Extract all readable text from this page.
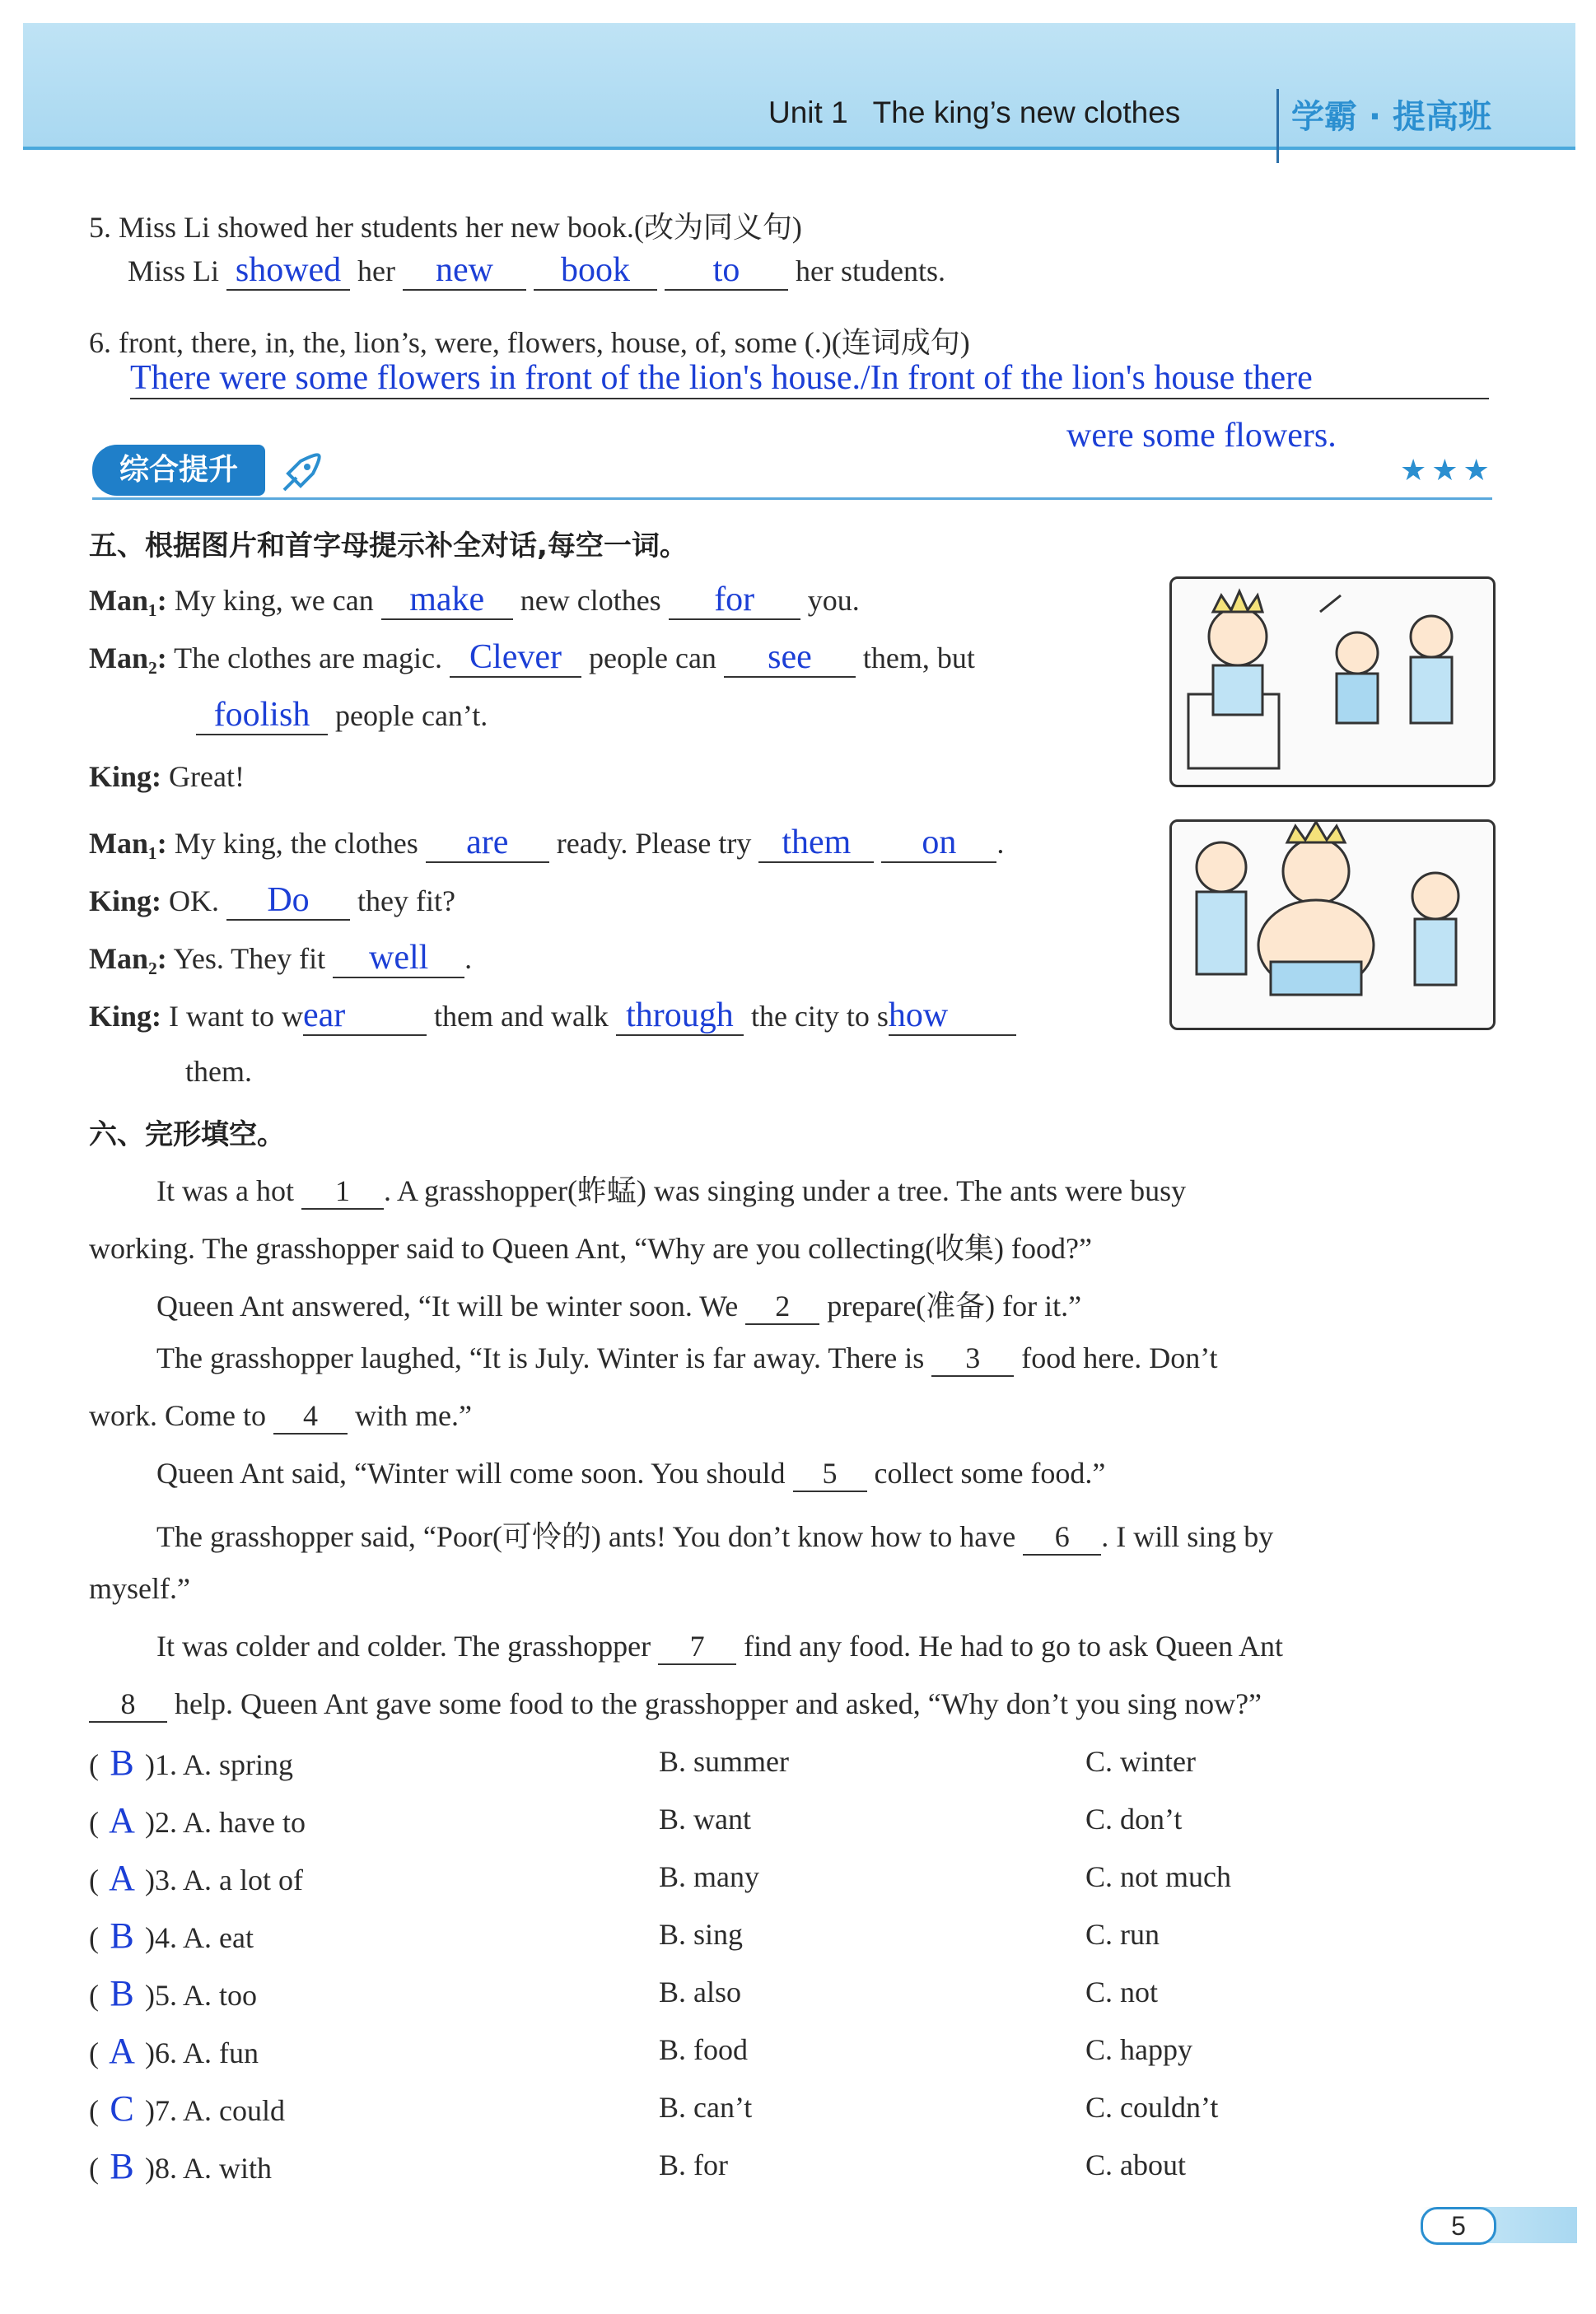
Unit 1 The king’s new clothes	学霸 · 提高班
5. Miss Li showed her students her new book.(改为同义句)
Miss Li showed her new book to her students.
6. front, there, in, the, lion’s, were, flowers, house, of, some (.)(连词成句)
There were some flowers in front of the lion's house./In front of the lion's house there
were some flowers.
综合提升	★★★
五、根据图片和首字母提示补全对话,每空一词。
Man₁: My king, we can make new clothes for you.
Man₂: The clothes are magic. Clever people can see them, but
foolish people can’t.
King: Great!
Man₁: My king, the clothes are ready. Please try them on .
King: OK. Do they fit?
Man₂: Yes. They fit well .
King: I want to wear	them and walk through the city to show
them.
六、完形填空。
It was a hot 1 . A grasshopper(蚱蜢) was singing under a tree. The ants were busy
working. The grasshopper said to Queen Ant, “Why are you collecting(收集) food?”
Queen Ant answered, “It will be winter soon. We 2 prepare(准备) for it.”
The grasshopper laughed, “It is July. Winter is far away. There is 3 food here. Don’t
work. Come to 4 with me.”
Queen Ant said, “Winter will come soon. You should 5 collect some food.”
The grasshopper said, “Poor(可怜的) ants! You don’t know how to have 6 . I will sing by
myself.”
It was colder and colder. The grasshopper 7 find any food. He had to go to ask Queen Ant
8 help. Queen Ant gave some food to the grasshopper and asked, “Why don’t you sing now?”
( B )1. A. spring	B. summer	C. winter
( A )2. A. have to	B. want	C. don’t
( A )3. A. a lot of	B. many	C. not much
( B )4. A. eat	B. sing	C. run
( B )5. A. too	B. also	C. not
( A )6. A. fun	B. food	C. happy
( C )7. A. could	B. can’t	C. couldn’t
( B )8. A. with	B. for	C. about
5
